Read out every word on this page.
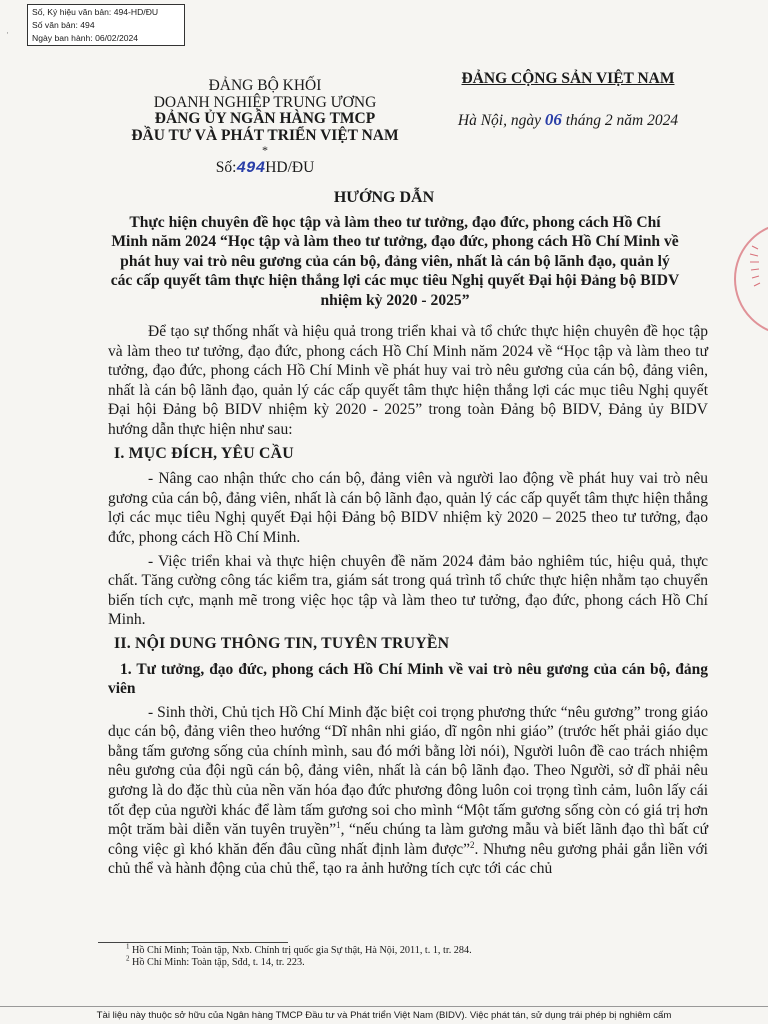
·
Số, Ký hiệu văn bản: 494-HD/ĐU
Số văn bản: 494
Ngày ban hành: 06/02/2024
ĐẢNG BỘ KHỐI
DOANH NGHIỆP TRUNG ƯƠNG
ĐẢNG ỦY NGÂN HÀNG TMCP
ĐẦU TƯ VÀ PHÁT TRIỂN VIỆT NAM
*
Số:494HD/ĐU
ĐẢNG CỘNG SẢN VIỆT NAM
Hà Nội, ngày 06 tháng 2 năm 2024
HƯỚNG DẪN
Thực hiện chuyên đề học tập và làm theo tư tưởng, đạo đức, phong cách Hồ Chí Minh năm 2024 “Học tập và làm theo tư tưởng, đạo đức, phong cách Hồ Chí Minh về phát huy vai trò nêu gương của cán bộ, đảng viên, nhất là cán bộ lãnh đạo, quản lý các cấp quyết tâm thực hiện thắng lợi các mục tiêu Nghị quyết Đại hội Đảng bộ BIDV nhiệm kỳ 2020 - 2025”

Để tạo sự thống nhất và hiệu quả trong triển khai và tổ chức thực hiện chuyên đề học tập và làm theo tư tưởng, đạo đức, phong cách Hồ Chí Minh năm 2024 về “Học tập và làm theo tư tưởng, đạo đức, phong cách Hồ Chí Minh về phát huy vai trò nêu gương của cán bộ, đảng viên, nhất là cán bộ lãnh đạo, quản lý các cấp quyết tâm thực hiện thắng lợi các mục tiêu Nghị quyết Đại hội Đảng bộ BIDV nhiệm kỳ 2020 - 2025” trong toàn Đảng bộ BIDV, Đảng ủy BIDV hướng dẫn thực hiện như sau:

I. MỤC ĐÍCH, YÊU CẦU

- Nâng cao nhận thức cho cán bộ, đảng viên và người lao động về phát huy vai trò nêu gương của cán bộ, đảng viên, nhất là cán bộ lãnh đạo, quản lý các cấp quyết tâm thực hiện thắng lợi các mục tiêu Nghị quyết Đại hội Đảng bộ BIDV nhiệm kỳ 2020 – 2025 theo tư tưởng, đạo đức, phong cách Hồ Chí Minh.

- Việc triển khai và thực hiện chuyên đề năm 2024 đảm bảo nghiêm túc, hiệu quả, thực chất. Tăng cường công tác kiểm tra, giám sát trong quá trình tổ chức thực hiện nhằm tạo chuyển biến tích cực, mạnh mẽ trong việc học tập và làm theo tư tưởng, đạo đức, phong cách Hồ Chí Minh.

II. NỘI DUNG THÔNG TIN, TUYÊN TRUYỀN
1. Tư tưởng, đạo đức, phong cách Hồ Chí Minh về vai trò nêu gương của cán bộ, đảng viên

- Sinh thời, Chủ tịch Hồ Chí Minh đặc biệt coi trọng phương thức “nêu gương” trong giáo dục cán bộ, đảng viên theo hướng “Dĩ nhân nhi giáo, dĩ ngôn nhi giáo” (trước hết phải giáo dục bằng tấm gương sống của chính mình, sau đó mới bằng lời nói), Người luôn đề cao trách nhiệm nêu gương của đội ngũ cán bộ, đảng viên, nhất là cán bộ lãnh đạo. Theo Người, sở dĩ phải nêu gương là do đặc thù của nền văn hóa đạo đức phương đông luôn coi trọng tình cảm, luôn lấy cái tốt đẹp của người khác để làm tấm gương soi cho mình “Một tấm gương sống còn có giá trị hơn một trăm bài diễn văn tuyên truyền”$^1$, “nếu chúng ta làm gương mẫu và biết lãnh đạo thì bất cứ công việc gì khó khăn đến đâu cũng nhất định làm được”$^2$. Nhưng nêu gương phải gắn liền với chủ thể và hành động của chủ thể, tạo ra ảnh hưởng tích cực tới các chủ

$^1$ Hồ Chí Minh; Toàn tập, Nxb. Chính trị quốc gia Sự thật, Hà Nội, 2011, t. 1, tr. 284.
$^2$ Hồ Chí Minh: Toàn tập, Sđd, t. 14, tr. 223.
Tài liệu này thuộc sở hữu của Ngân hàng TMCP Đầu tư và Phát triển Việt Nam (BIDV). Việc phát tán, sử dụng trái phép bị nghiêm cấm
